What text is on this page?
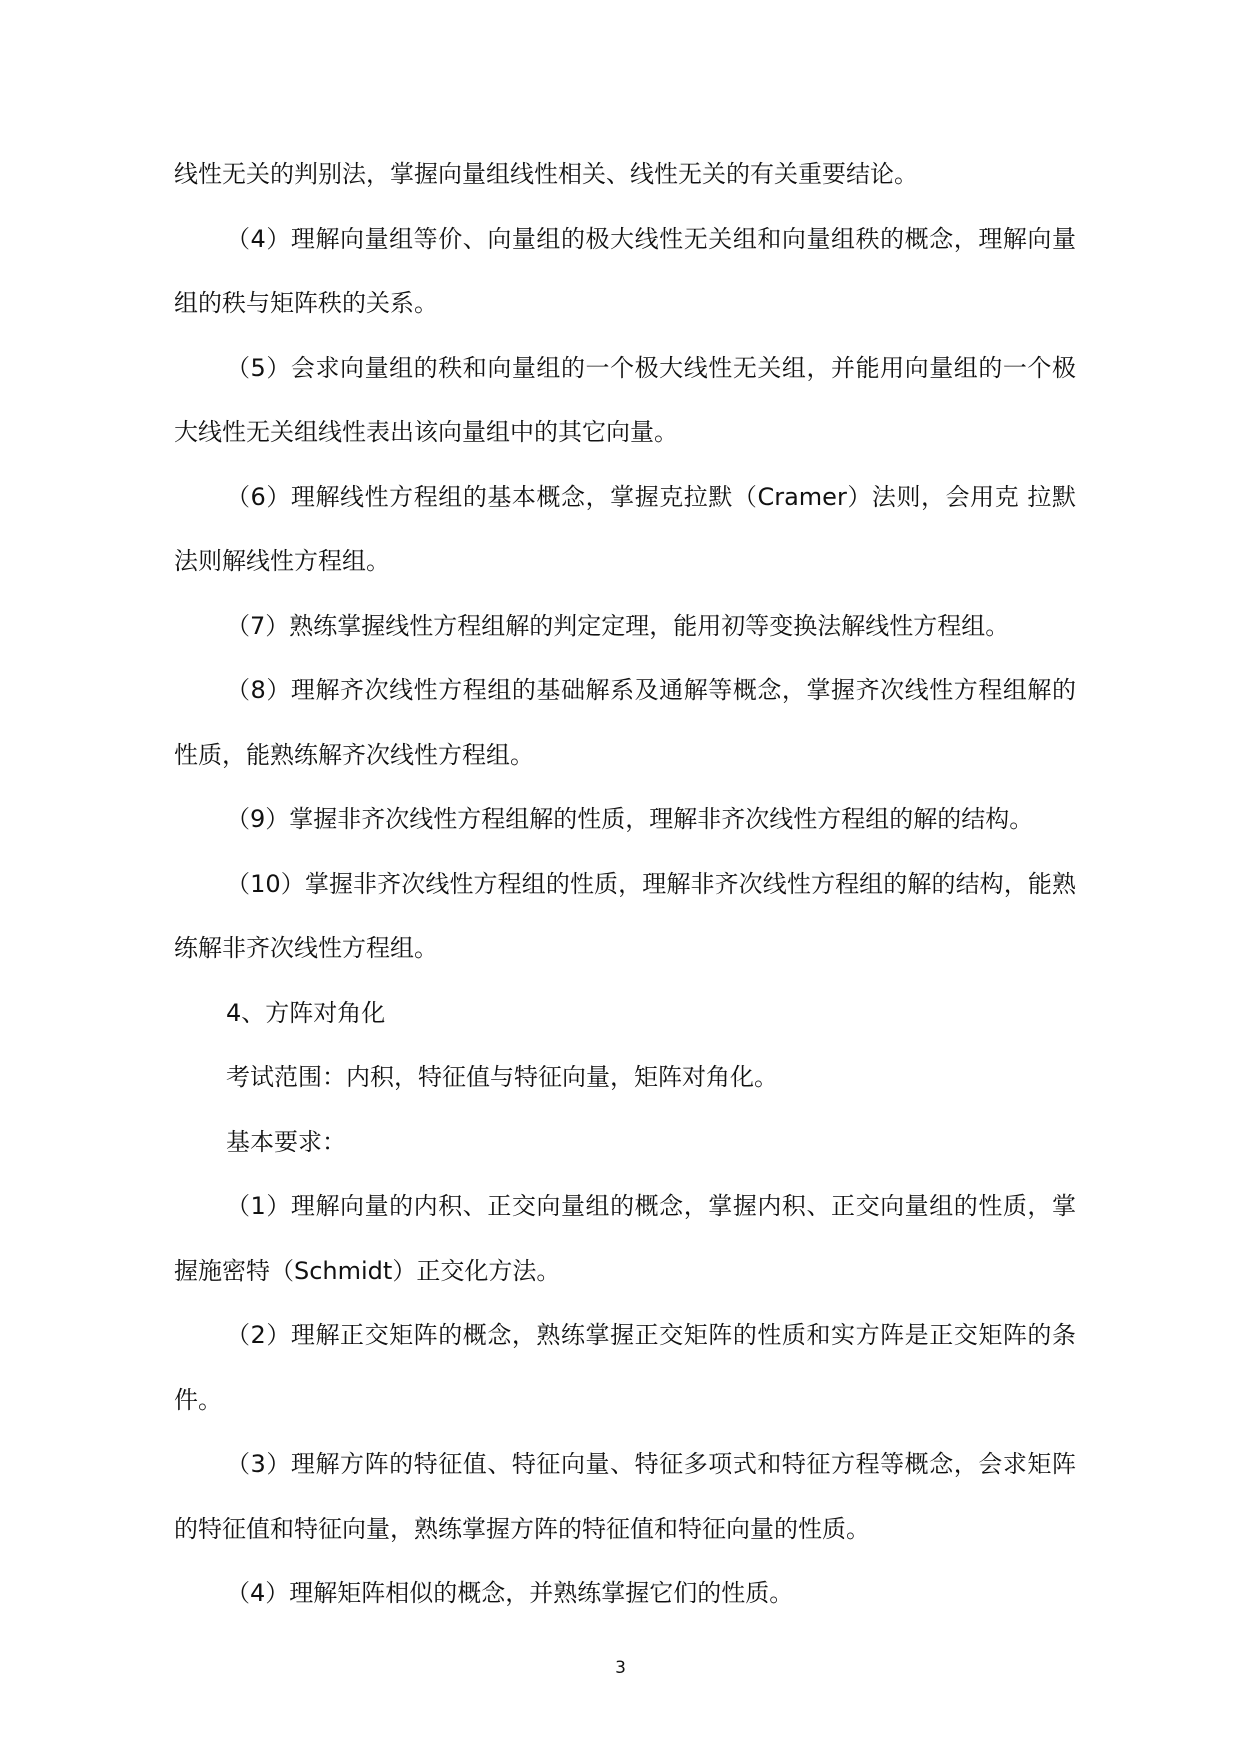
线性无关的判别法，掌握向量组线性相关、线性无关的有关重要结论。

（4）理解向量组等价、向量组的极大线性无关组和向量组秩的概念，理解向量组的秩与矩阵秩的关系。

（5）会求向量组的秩和向量组的一个极大线性无关组，并能用向量组的一个极大线性无关组线性表出该向量组中的其它向量。

（6）理解线性方程组的基本概念，掌握克拉默（Cramer）法则，会用克 拉默法则解线性方程组。

（7）熟练掌握线性方程组解的判定定理，能用初等变换法解线性方程组。

（8）理解齐次线性方程组的基础解系及通解等概念，掌握齐次线性方程组解的性质，能熟练解齐次线性方程组。

（9）掌握非齐次线性方程组解的性质，理解非齐次线性方程组的解的结构。

（10）掌握非齐次线性方程组的性质，理解非齐次线性方程组的解的结构，能熟练解非齐次线性方程组。

4、方阵对角化

考试范围：内积，特征值与特征向量，矩阵对角化。

基本要求：

（1）理解向量的内积、正交向量组的概念，掌握内积、正交向量组的性质，掌握施密特（Schmidt）正交化方法。

（2）理解正交矩阵的概念，熟练掌握正交矩阵的性质和实方阵是正交矩阵的条件。

（3）理解方阵的特征值、特征向量、特征多项式和特征方程等概念，会求矩阵的特征值和特征向量，熟练掌握方阵的特征值和特征向量的性质。

（4）理解矩阵相似的概念，并熟练掌握它们的性质。

3
